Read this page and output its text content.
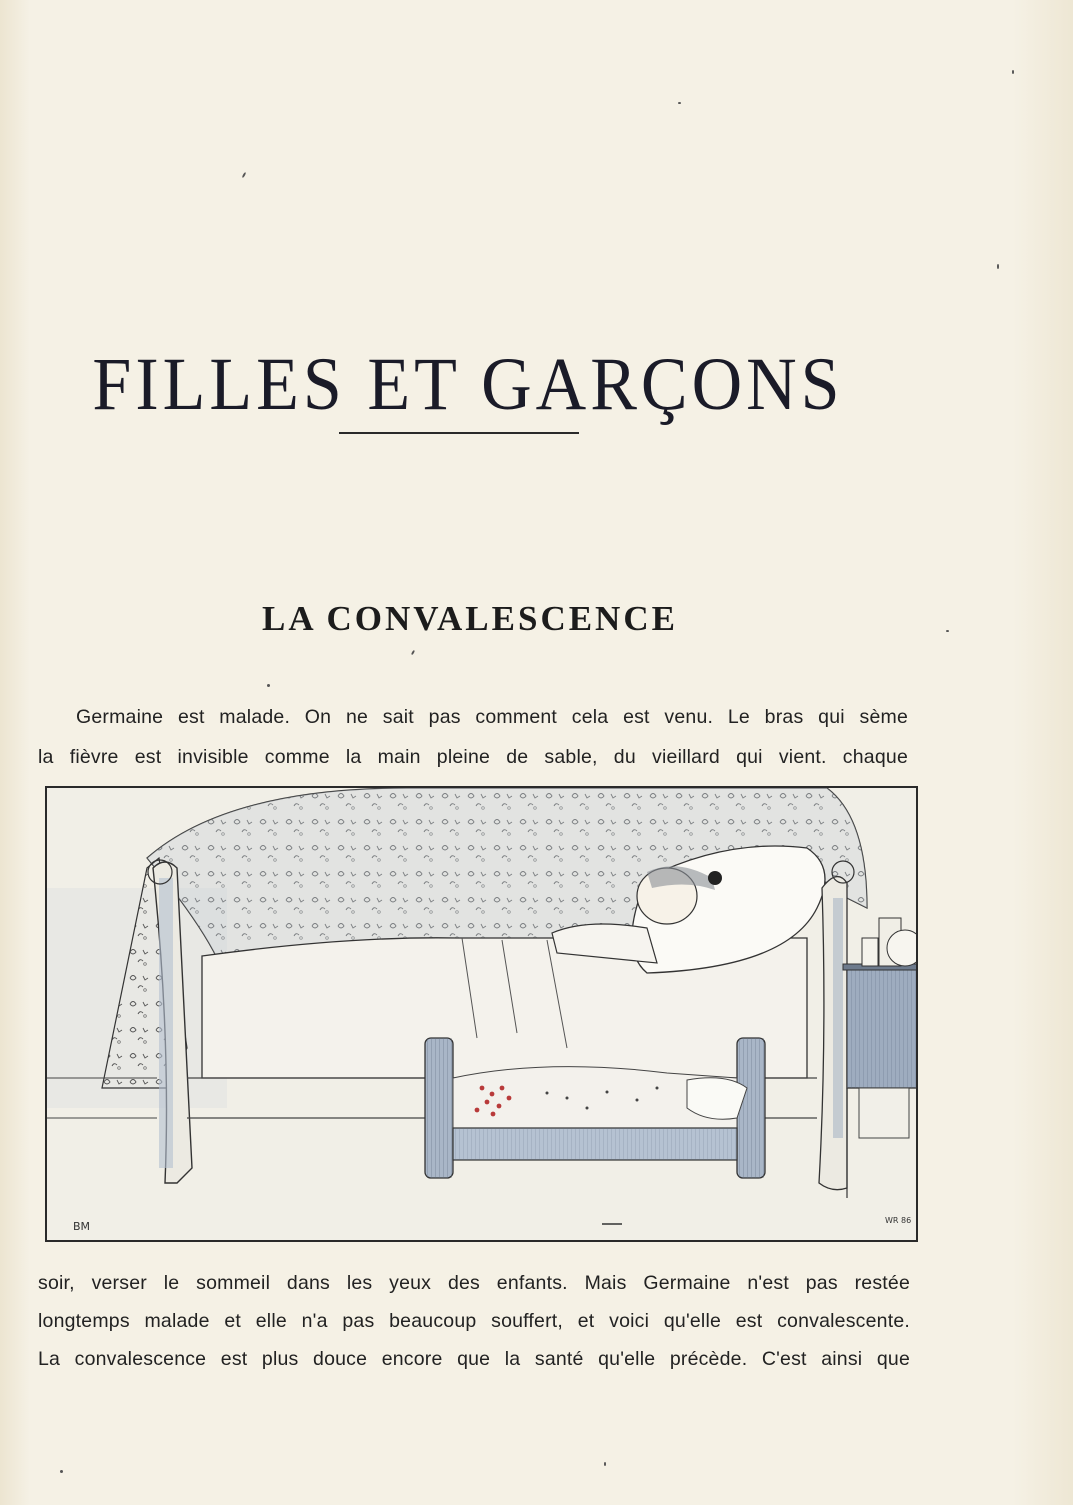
FILLES ET GARÇONS
LA CONVALESCENCE
Germaine est malade. On ne sait pas comment cela est venu. Le bras qui sème
la fièvre est invisible comme la main pleine de sable, du vieillard qui vient. chaque
BM	WR 86
soir, verser le sommeil dans les yeux des enfants. Mais Germaine n'est pas restée
longtemps malade et elle n'a pas beaucoup souffert, et voici qu'elle est convalescente.
La convalescence est plus douce encore que la santé qu'elle précède. C'est ainsi que
